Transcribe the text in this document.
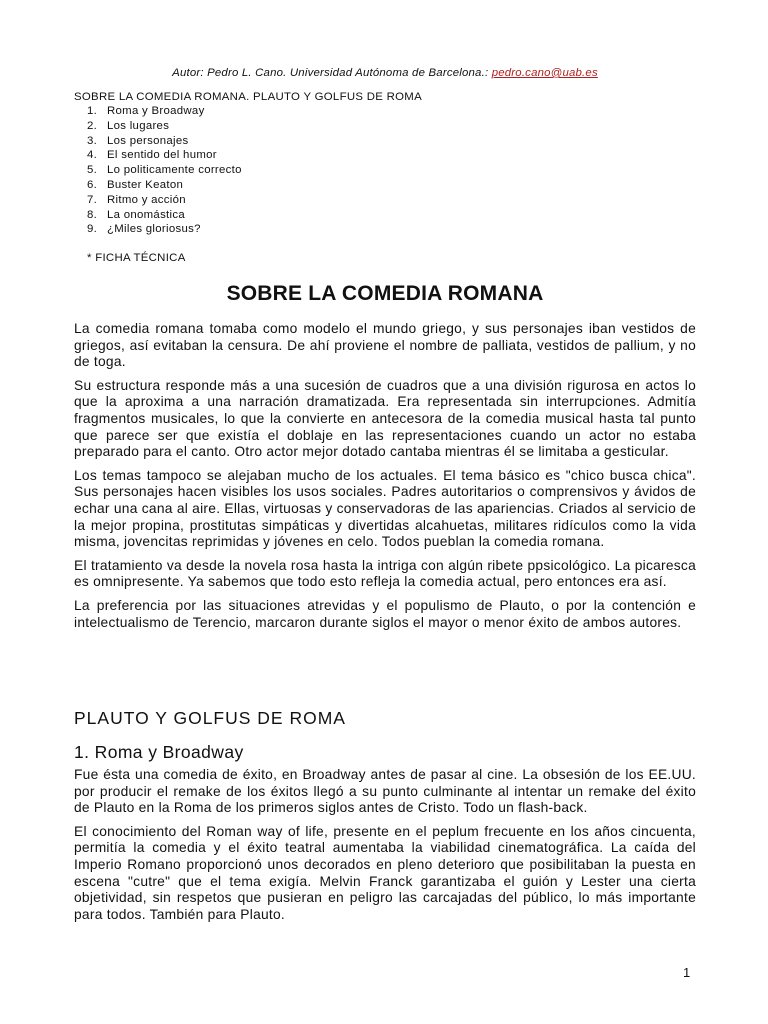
Autor: Pedro L. Cano. Universidad Autónoma de Barcelona.: pedro.cano@uab.es
SOBRE LA COMEDIA ROMANA. PLAUTO Y GOLFUS DE ROMA
1. Roma y Broadway
2. Los lugares
3. Los personajes
4. El sentido del humor
5. Lo politicamente correcto
6. Buster Keaton
7. Ritmo y acción
8. La onomástica
9. ¿Miles gloriosus?
* FICHA TÉCNICA
SOBRE LA COMEDIA ROMANA

La comedia romana tomaba como modelo el mundo griego, y sus personajes iban vestidos de griegos, así evitaban la censura. De ahí proviene el nombre de palliata, vestidos de pallium, y no de toga.

Su estructura responde más a una sucesión de cuadros que a una división rigurosa en actos lo que la aproxima a una narración dramatizada. Era representada sin interrupciones. Admitía fragmentos musicales, lo que la convierte en antecesora de la comedia musical hasta tal punto que parece ser que existía el doblaje en las representaciones cuando un actor no estaba preparado para el canto. Otro actor mejor dotado cantaba mientras él se limitaba a gesticular.

Los temas tampoco se alejaban mucho de los actuales. El tema básico es "chico busca chica". Sus personajes hacen visibles los usos sociales. Padres autoritarios o comprensivos y ávidos de echar una cana al aire. Ellas, virtuosas y conservadoras de las apariencias. Criados al servicio de la mejor propina, prostitutas simpáticas y divertidas alcahuetas, militares ridículos como la vida misma, jovencitas reprimidas y jóvenes en celo. Todos pueblan la comedia romana.

El tratamiento va desde la novela rosa hasta la intriga con algún ribete ppsicológico. La picaresca es omnipresente. Ya sabemos que todo esto refleja la comedia actual, pero entonces era así.

La preferencia por las situaciones atrevidas y el populismo de Plauto, o por la contención e intelectualismo de Terencio, marcaron durante siglos el mayor o menor éxito de ambos autores.

PLAUTO Y GOLFUS DE ROMA
1. Roma y Broadway

Fue ésta una comedia de éxito, en Broadway antes de pasar al cine. La obsesión de los EE.UU. por producir el remake de los éxitos llegó a su punto culminante al intentar un remake del éxito de Plauto en la Roma de los primeros siglos antes de Cristo. Todo un flash-back.

El conocimiento del Roman way of life, presente en el peplum frecuente en los años cincuenta, permitía la comedia y el éxito teatral aumentaba la viabilidad cinematográfica. La caída del Imperio Romano proporcionó unos decorados en pleno deterioro que posibilitaban la puesta en escena "cutre" que el tema exigía. Melvin Franck garantizaba el guión y Lester una cierta objetividad, sin respetos que pusieran en peligro las carcajadas del público, lo más importante para todos. También para Plauto.

1
